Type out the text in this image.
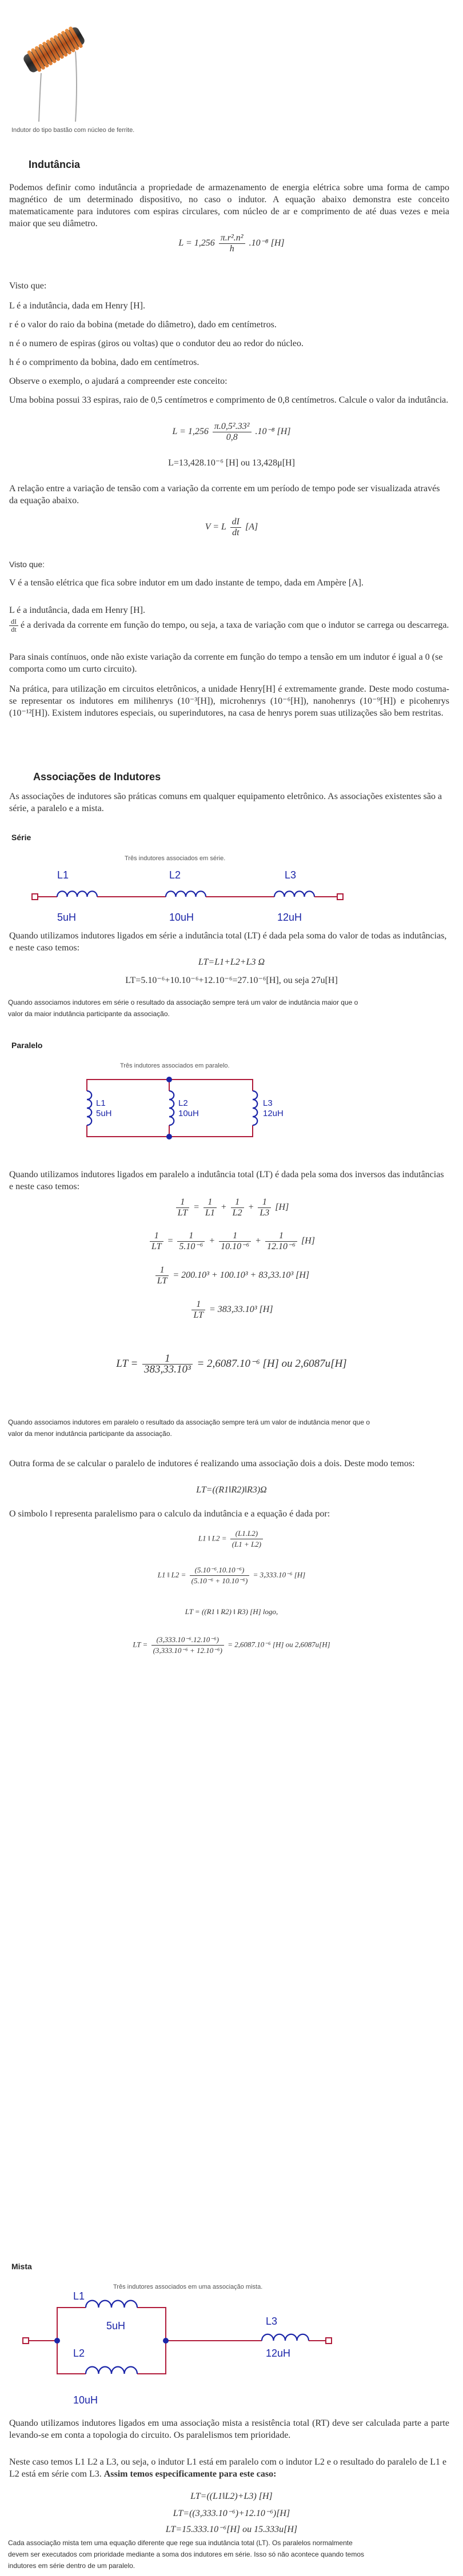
Indutor do tipo bastão com núcleo de ferrite.
Indutância

Podemos definir como indutância a propriedade de armazenamento de energia elétrica sobre uma forma de campo magnético de um determinado dispositivo, no caso o indutor. A equação abaixo demonstra este conceito matematicamente para indutores com espiras circulares, com núcleo de ar e comprimento de até duas vezes e meia maior que seu diâmetro.

$L = 1,256 \frac{\text{π.r².n²}}{h} .10^{-8}$ [H]

Visto que:

L é a indutância, dada em Henry [H].

r é o valor do raio da bobina (metade do diâmetro), dado em centímetros.

n é o numero de espiras (giros ou voltas) que o condutor deu ao redor do núcleo.

h é o comprimento da bobina, dado em centímetros.

Observe o exemplo, o ajudará a compreender este conceito:

Uma bobina possui 33 espiras, raio de 0,5 centímetros e comprimento de 0,8 centímetros. Calcule o valor da indutância.

$L = 1,256 \frac{\text{π.0,5².33²}}{0,8} .10^{-8}$ [H]
L=13,428.10⁻⁶ [H] ou 13,428μ[H]

A relação entre a variação de tensão com a variação da corrente em um período de tempo pode ser visualizada através da equação abaixo.

V = L $\frac{dI}{dt} [A]$

Visto que:

V é a tensão elétrica que fica sobre indutor em um dado instante de tempo, dada em Ampère [A].

L é a indutância, dada em Henry [H].

$\frac{dI}{dt}$ é a derivada da corrente em função do tempo, ou seja, a taxa de variação com que o indutor se carrega ou descarrega.

Para sinais contínuos, onde não existe variação da corrente em função do tempo a tensão em um indutor é igual a 0 (se comporta como um curto circuito).

Na prática, para utilização em circuitos eletrônicos, a unidade Henry[H] é extremamente grande. Deste modo costuma-se representar os indutores em milihenrys (10⁻³[H]), microhenrys (10⁻⁶[H]), nanohenrys (10⁻⁹[H]) e picohenrys (10⁻¹²[H]). Existem indutores especiais, ou superindutores, na casa de henrys porem suas utilizações são bem restritas.

Associações de Indutores

As associações de indutores são práticas comuns em qualquer equipamento eletrônico. As associações existentes são a série, a paralelo e a mista.

Série
Três indutores associados em série.
L1
5uH
L2
10uH
L3
12uH

Quando utilizamos indutores ligados em série a indutância total (LT) é dada pela soma do valor de todas as indutâncias, e neste caso temos:

LT=L1+L2+L3 Ω
LT=5.10⁻⁶+10.10⁻⁶+12.10⁻⁶=27.10⁻⁶[H], ou seja 27u[H]

Quando associamos indutores em série o resultado da associação sempre terá um valor de indutância maior que o valor da maior indutância participante da associação.

Paralelo
Três indutores associados em paralelo.
L1
5uH
L2
10uH
L3
12uH

Quando utilizamos indutores ligados em paralelo a indutância total (LT) é dada pela soma dos inversos das indutâncias e neste caso temos:

$\frac{1}{LT} = \frac{1}{L1} + \frac{1}{L2} + \frac{1}{L3} [H]$
$\frac{1}{LT} = \frac{1}{\text{5.10⁻⁶}} + \frac{1}{\text{10.10⁻⁶}} + \frac{1}{\text{12.10⁻⁶}} [H]$
$\frac{1}{LT} = 200.10^3 + 100.10^3 + 83,33.10^3$ [H]
$\frac{1}{LT} = 383,33.10^3$ [H]
LT = $\frac{1}{\text{383,33.10³}} = 2,6087.10^{-6}$ [H] ou 2,6087u[H]

Quando associamos indutores em paralelo o resultado da associação sempre terá um valor de indutância menor que o valor da menor indutância participante da associação.

Outra forma de se calcular o paralelo de indutores é realizando uma associação dois a dois. Deste modo temos:

LT=((R1‖R2)‖R3)Ω

O simbolo ‖ representa paralelismo para o calculo da indutância e a equação é dada por:

L1 ‖ $L2 = \frac{(L1.L2)}{(L1 + L2)}$
L1 ‖ $L2 = \frac{\text{(5.10⁻⁶.10.10⁻⁶)}}{\text{(5.10⁻⁶ + 10.10⁻⁶)}} = 3,333.10^{-6}$ [H]
LT = ((R1 ‖ R2) ‖ R3) [H] logo,
LT = $\frac{\text{(3,333.10⁻⁶.12.10⁻⁶)}}{\text{(3,333.10⁻⁶ + 12.10⁻⁶)}} = 2,6087.10^{-6}$ [H] ou 2,6087u[H]
Mista
Três indutores associados em uma associação mista.
L1
5uH
L2
10uH
L3
12uH

Quando utilizamos indutores ligados em uma associação mista a resistência total (RT) deve ser calculada parte a parte levando-se em conta a topologia do circuito. Os paralelismos tem prioridade.

Neste caso temos L1 L2 a L3, ou seja, o indutor L1 está em paralelo com o indutor L2 e o resultado do paralelo de L1 e L2 está em série com L3. Assim temos especificamente para este caso:

LT=((L1‖L2)+L3) [H]
LT=((3,333.10⁻⁶)+12.10⁻⁶)[H]
LT=15.333.10⁻⁶[H] ou 15.333u[H]

Cada associação mista tem uma equação diferente que rege sua indutância total (LT). Os paralelos normalmente devem ser executados com prioridade mediante a soma dos indutores em série. Isso só não acontece quando temos indutores em série dentro de um paralelo.
